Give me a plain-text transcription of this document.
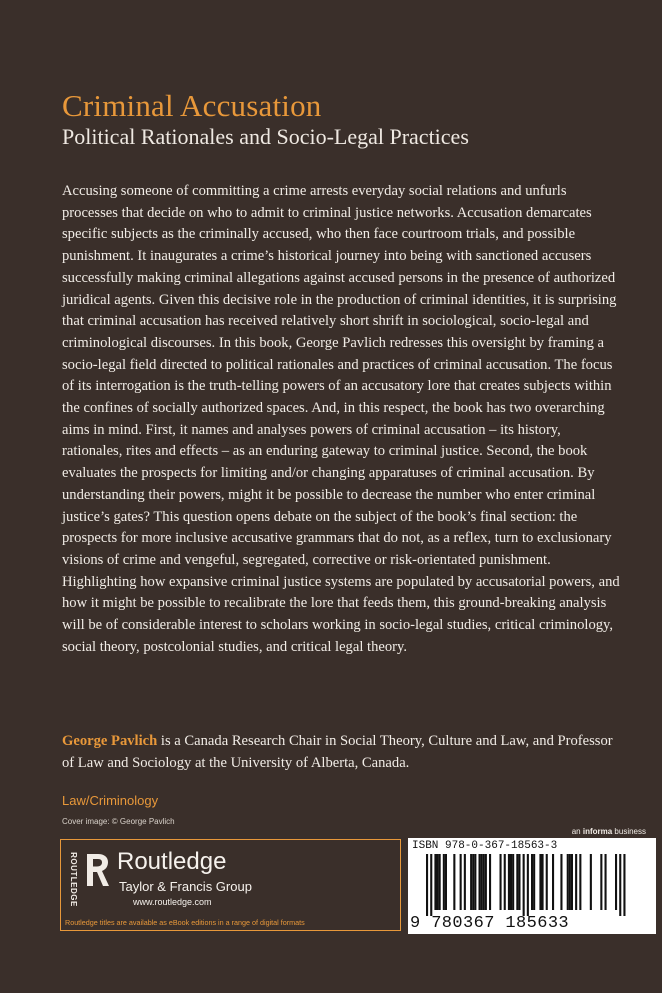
Criminal Accusation
Political Rationales and Socio-Legal Practices

Accusing someone of committing a crime arrests everyday social relations and unfurls processes that decide on who to admit to criminal justice networks. Accusation demarcates specific subjects as the criminally accused, who then face courtroom trials, and possible punishment. It inaugurates a crime’s historical journey into being with sanctioned accusers successfully making criminal allegations against accused persons in the presence of authorized juridical agents. Given this decisive role in the production of criminal identities, it is surprising that criminal accusation has received relatively short shrift in sociological, socio-legal and criminological discourses. In this book, George Pavlich redresses this oversight by framing a socio-legal field directed to political rationales and practices of criminal accusation. The focus of its interrogation is the truth-telling powers of an accusatory lore that creates subjects within the confines of socially authorized spaces. And, in this respect, the book has two overarching aims in mind. First, it names and analyses powers of criminal accusation – its history, rationales, rites and effects – as an enduring gateway to criminal justice. Second, the book evaluates the prospects for limiting and/or changing apparatuses of criminal accusation. By understanding their powers, might it be possible to decrease the number who enter criminal justice’s gates? This question opens debate on the subject of the book’s final section: the prospects for more inclusive accusative grammars that do not, as a reflex, turn to exclusionary visions of crime and vengeful, segregated, corrective or risk-orientated punishment. Highlighting how expansive criminal justice systems are populated by accusatorial powers, and how it might be possible to recalibrate the lore that feeds them, this ground-breaking analysis will be of considerable interest to scholars working in socio-legal studies, critical criminology, social theory, postcolonial studies, and critical legal theory.

George Pavlich is a Canada Research Chair in Social Theory, Culture and Law, and Professor of Law and Sociology at the University of Alberta, Canada.

Law/Criminology
Cover image: © George Pavlich
an informa business
ROUTLEDGE Routledge
Taylor & Francis Group
www.routledge.com
Routledge titles are available as eBook editions in a range of digital formats
ISBN 978-0-367-18563-3
9 780367 185633
